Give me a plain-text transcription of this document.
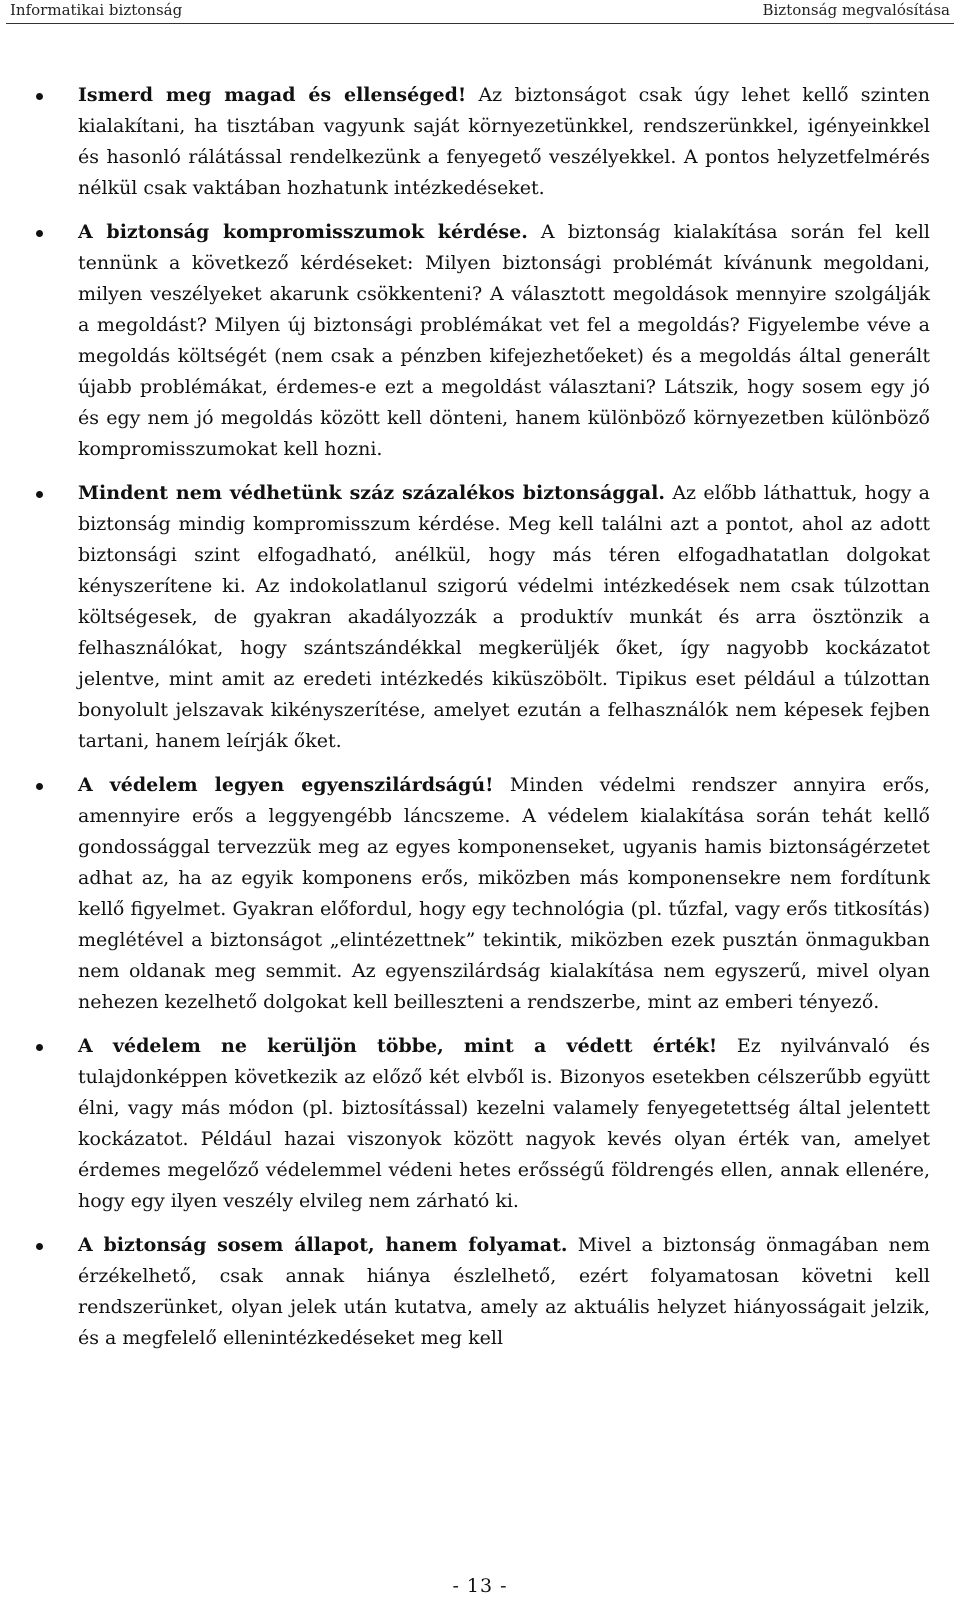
Informatikai biztonság	Biztonság megvalósítása
Ismerd meg magad és ellenséged! Az biztonságot csak úgy lehet kellő szinten kialakítani, ha tisztában vagyunk saját környezetünkkel, rendszerünkkel, igényeinkkel és hasonló rálátással rendelkezünk a fenyegető veszélyekkel. A pontos helyzetfelmérés nélkül csak vaktában hozhatunk intézkedéseket.
A biztonság kompromisszumok kérdése. A biztonság kialakítása során fel kell tennünk a következő kérdéseket: Milyen biztonsági problémát kívánunk megoldani, milyen veszélyeket akarunk csökkenteni? A választott megoldások mennyire szolgálják a megoldást? Milyen új biztonsági problémákat vet fel a megoldás? Figyelembe véve a megoldás költségét (nem csak a pénzben kifejezhetőeket) és a megoldás által generált újabb problémákat, érdemes-e ezt a megoldást választani? Látszik, hogy sosem egy jó és egy nem jó megoldás között kell dönteni, hanem különböző környezetben különböző kompromisszumokat kell hozni.
Mindent nem védhetünk száz százalékos biztonsággal. Az előbb láthattuk, hogy a biztonság mindig kompromisszum kérdése. Meg kell találni azt a pontot, ahol az adott biztonsági szint elfogadható, anélkül, hogy más téren elfogadhatatlan dolgokat kényszerítene ki. Az indokolatlanul szigorú védelmi intézkedések nem csak túlzottan költségesek, de gyakran akadályozzák a produktív munkát és arra ösztönzik a felhasználókat, hogy szántszándékkal megkerüljék őket, így nagyobb kockázatot jelentve, mint amit az eredeti intézkedés kiküszöbölt. Tipikus eset például a túlzottan bonyolult jelszavak kikényszerítése, amelyet ezután a felhasználók nem képesek fejben tartani, hanem leírják őket.
A védelem legyen egyenszilárdságú! Minden védelmi rendszer annyira erős, amennyire erős a leggyengébb láncszeme. A védelem kialakítása során tehát kellő gondossággal tervezzük meg az egyes komponenseket, ugyanis hamis biztonságérzetet adhat az, ha az egyik komponens erős, miközben más komponensekre nem fordítunk kellő figyelmet. Gyakran előfordul, hogy egy technológia (pl. tűzfal, vagy erős titkosítás) meglétével a biztonságot „elintézettnek” tekintik, miközben ezek pusztán önmagukban nem oldanak meg semmit. Az egyenszilárdság kialakítása nem egyszerű, mivel olyan nehezen kezelhető dolgokat kell beilleszteni a rendszerbe, mint az emberi tényező.
A védelem ne kerüljön többe, mint a védett érték! Ez nyilvánvaló és tulajdonképpen következik az előző két elvből is. Bizonyos esetekben célszerűbb együtt élni, vagy más módon (pl. biztosítással) kezelni valamely fenyegetettség által jelentett kockázatot. Például hazai viszonyok között nagyok kevés olyan érték van, amelyet érdemes megelőző védelemmel védeni hetes erősségű földrengés ellen, annak ellenére, hogy egy ilyen veszély elvileg nem zárható ki.
A biztonság sosem állapot, hanem folyamat. Mivel a biztonság önmagában nem érzékelhető, csak annak hiánya észlelhető, ezért folyamatosan követni kell rendszerünket, olyan jelek után kutatva, amely az aktuális helyzet hiányosságait jelzik, és a megfelelő ellenintézkedéseket meg kell
- 13 -
